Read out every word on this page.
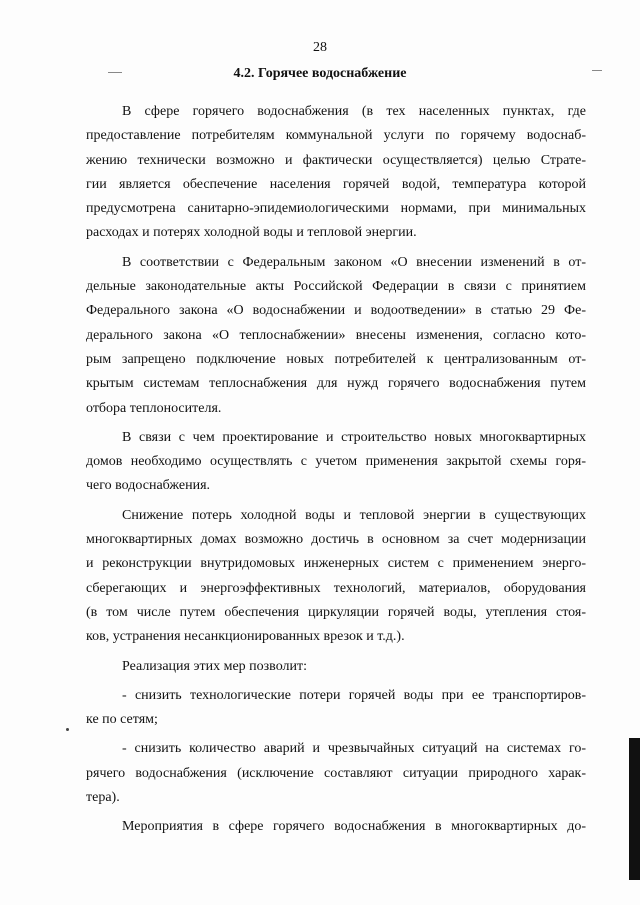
28
4.2. Горячее водоснабжение
В сфере горячего водоснабжения (в тех населенных пунктах, где
предоставление потребителям коммунальной услуги по горячему водоснаб-
жению технически возможно и фактически осуществляется) целью Страте-
гии является обеспечение населения горячей водой, температура которой
предусмотрена санитарно-эпидемиологическими нормами, при минимальных
расходах и потерях холодной воды и тепловой энергии.
В соответствии с Федеральным законом «О внесении изменений в от-
дельные законодательные акты Российской Федерации в связи с принятием
Федерального закона «О водоснабжении и водоотведении» в статью 29 Фе-
дерального закона «О теплоснабжении» внесены изменения, согласно кото-
рым запрещено подключение новых потребителей к централизованным от-
крытым системам теплоснабжения для нужд горячего водоснабжения путем
отбора теплоносителя.
В связи с чем проектирование и строительство новых многоквартирных
домов необходимо осуществлять с учетом применения закрытой схемы горя-
чего водоснабжения.
Снижение потерь холодной воды и тепловой энергии в существующих
многоквартирных домах возможно достичь в основном за счет модернизации
и реконструкции внутридомовых инженерных систем с применением энерго-
сберегающих и энергоэффективных технологий, материалов, оборудования
(в том числе путем обеспечения циркуляции горячей воды, утепления стоя-
ков, устранения несанкционированных врезок и т.д.).
Реализация этих мер позволит:
- снизить технологические потери горячей воды при ее транспортиров-
ке по сетям;
- снизить количество аварий и чрезвычайных ситуаций на системах го-
рячего водоснабжения (исключение составляют ситуации природного харак-
тера).
Мероприятия в сфере горячего водоснабжения в многоквартирных до-
